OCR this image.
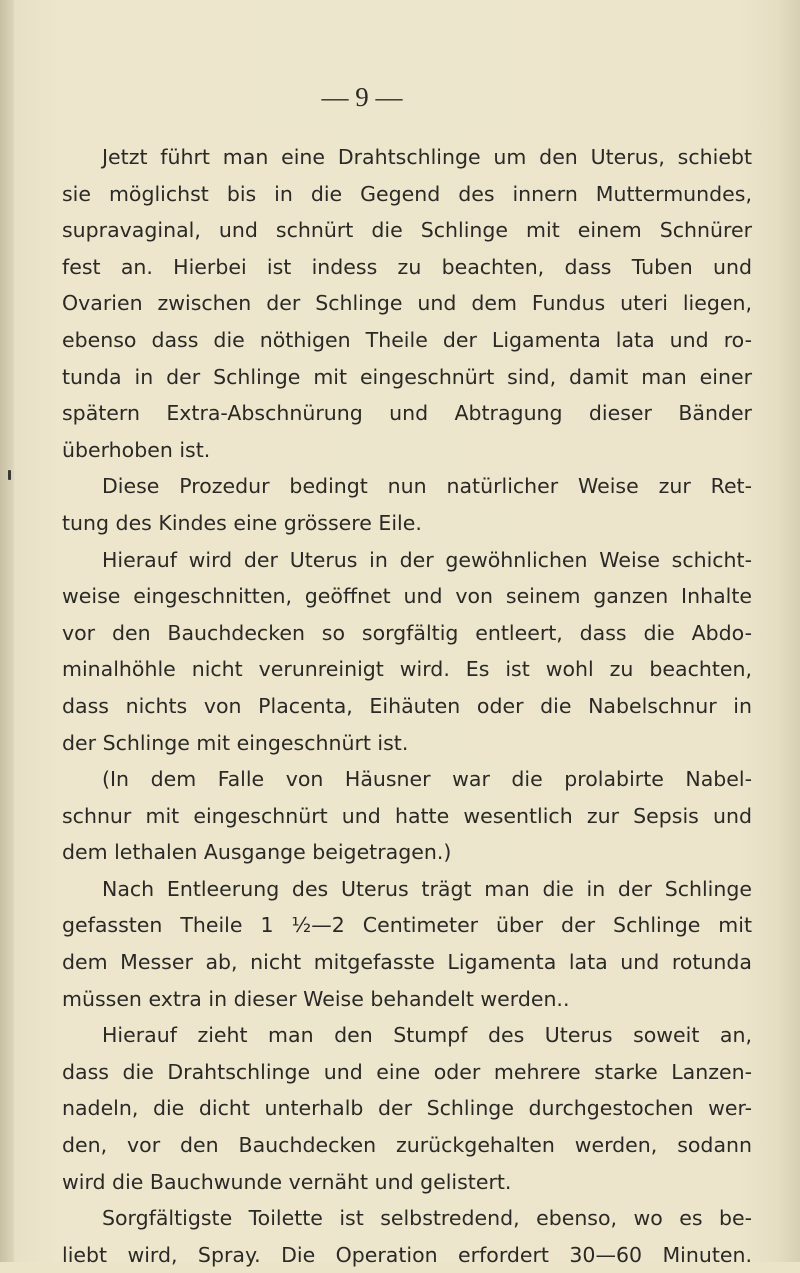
— 9 —

Jetzt führt man eine Drahtschlinge um den Uterus, schiebt
sie möglichst bis in die Gegend des innern Muttermundes,
supravaginal, und schnürt die Schlinge mit einem Schnürer
fest an. Hierbei ist indess zu beachten, dass Tuben und
Ovarien zwischen der Schlinge und dem Fundus uteri liegen,
ebenso dass die nöthigen Theile der Ligamenta lata und ro-
tunda in der Schlinge mit eingeschnürt sind, damit man einer
spätern Extra-Abschnürung und Abtragung dieser Bänder
überhoben ist.
Diese Prozedur bedingt nun natürlicher Weise zur Ret-
tung des Kindes eine grössere Eile.
Hierauf wird der Uterus in der gewöhnlichen Weise schicht-
weise eingeschnitten, geöffnet und von seinem ganzen Inhalte
vor den Bauchdecken so sorgfältig entleert, dass die Abdo-
minalhöhle nicht verunreinigt wird. Es ist wohl zu beachten,
dass nichts von Placenta, Eihäuten oder die Nabelschnur in
der Schlinge mit eingeschnürt ist.
(In dem Falle von Häusner war die prolabirte Nabel-
schnur mit eingeschnürt und hatte wesentlich zur Sepsis und
dem lethalen Ausgange beigetragen.)
Nach Entleerung des Uterus trägt man die in der Schlinge
gefassten Theile 1 ½—2 Centimeter über der Schlinge mit
dem Messer ab, nicht mitgefasste Ligamenta lata und rotunda
müssen extra in dieser Weise behandelt werden..
Hierauf zieht man den Stumpf des Uterus soweit an,
dass die Drahtschlinge und eine oder mehrere starke Lanzen-
nadeln, die dicht unterhalb der Schlinge durchgestochen wer-
den, vor den Bauchdecken zurückgehalten werden, sodann
wird die Bauchwunde vernäht und gelistert.
Sorgfältigste Toilette ist selbstredend, ebenso, wo es be-
liebt wird, Spray. Die Operation erfordert 30—60 Minuten.
